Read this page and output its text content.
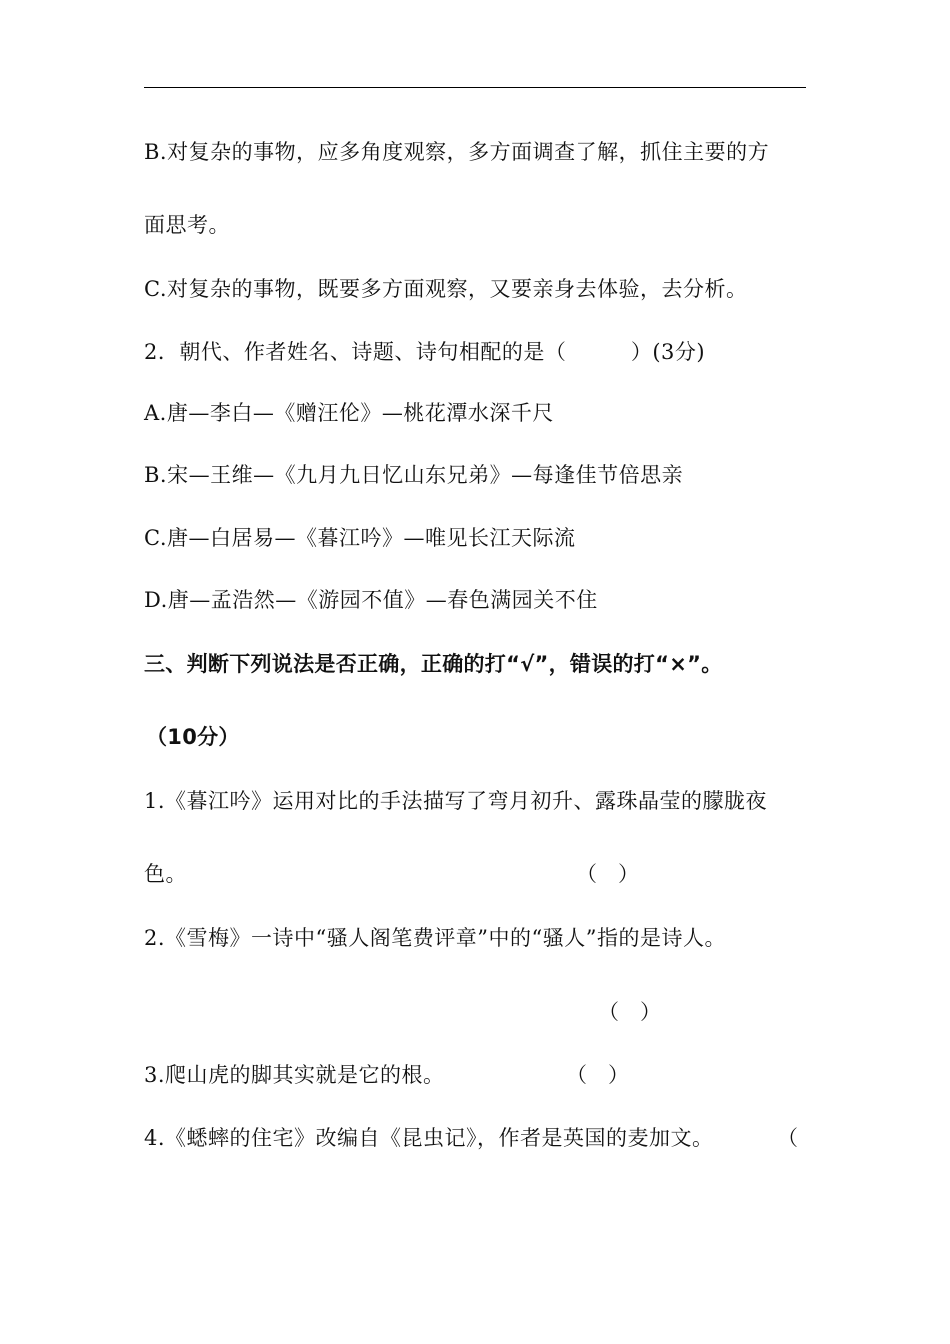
B.对复杂的事物，应多角度观察，多方面调查了解，抓住主要的方
面思考。
C.对复杂的事物，既要多方面观察，又要亲身去体验，去分析。
2．朝代、作者姓名、诗题、诗句相配的是（　　　）(3分)
A.唐—李白—《赠汪伦》—桃花潭水深千尺
B.宋—王维—《九月九日忆山东兄弟》—每逢佳节倍思亲
C.唐—白居易—《暮江吟》—唯见长江天际流
D.唐—孟浩然—《游园不值》—春色满园关不住
三、判断下列说法是否正确，正确的打“√”，错误的打“×”。
（10分）
1.《暮江吟》运用对比的手法描写了弯月初升、露珠晶莹的朦胧夜
色。	（　）
2.《雪梅》一诗中“骚人阁笔费评章”中的“骚人”指的是诗人。
（　）
3.爬山虎的脚其实就是它的根。	（　）
4.《蟋蟀的住宅》改编自《昆虫记》，作者是英国的麦加文。	（
